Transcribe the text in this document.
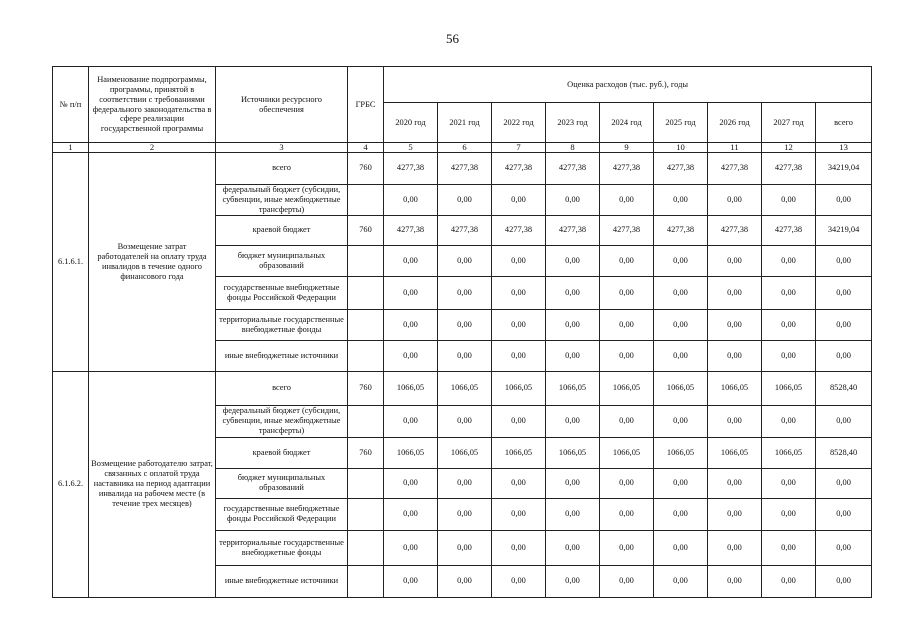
56
№ п/п	Наименование подпрограммы, программы, принятой в соответствии с требованиями федерального законодательства в сфере реализации государственной программы	Источники ресурсного обеспечения	ГРБС	Оценка расходов (тыс. руб.), годы								
				2020 год	2021 год	2022 год	2023 год	2024 год	2025 год	2026 год	2027 год	всего
1	2	3	4	5	6	7	8	9	10	11	12	13
6.1.6.1.	Возмещение затрат работодателей на оплату труда инвалидов в течение одного финансового года	всего	760	4277,38	4277,38	4277,38	4277,38	4277,38	4277,38	4277,38	4277,38	34219,04
		федеральный бюджет (субсидии, субвенции, иные межбюджетные трансферты)		0,00	0,00	0,00	0,00	0,00	0,00	0,00	0,00	0,00
		краевой бюджет	760	4277,38	4277,38	4277,38	4277,38	4277,38	4277,38	4277,38	4277,38	34219,04
		бюджет муниципальных образований		0,00	0,00	0,00	0,00	0,00	0,00	0,00	0,00	0,00
		государственные внебюджетные фонды Российской Федерации		0,00	0,00	0,00	0,00	0,00	0,00	0,00	0,00	0,00
		территориальные государственные внебюджетные фонды		0,00	0,00	0,00	0,00	0,00	0,00	0,00	0,00	0,00
		иные внебюджетные источники		0,00	0,00	0,00	0,00	0,00	0,00	0,00	0,00	0,00
6.1.6.2.	Возмещение работодателю затрат, связанных с оплатой труда наставника на период адаптации инвалида на рабочем месте (в течение трех месяцев)	всего	760	1066,05	1066,05	1066,05	1066,05	1066,05	1066,05	1066,05	1066,05	8528,40
		федеральный бюджет (субсидии, субвенции, иные межбюджетные трансферты)		0,00	0,00	0,00	0,00	0,00	0,00	0,00	0,00	0,00
		краевой бюджет	760	1066,05	1066,05	1066,05	1066,05	1066,05	1066,05	1066,05	1066,05	8528,40
		бюджет муниципальных образований		0,00	0,00	0,00	0,00	0,00	0,00	0,00	0,00	0,00
		государственные внебюджетные фонды Российской Федерации		0,00	0,00	0,00	0,00	0,00	0,00	0,00	0,00	0,00
		территориальные государственные внебюджетные фонды		0,00	0,00	0,00	0,00	0,00	0,00	0,00	0,00	0,00
		иные внебюджетные источники		0,00	0,00	0,00	0,00	0,00	0,00	0,00	0,00	0,00
